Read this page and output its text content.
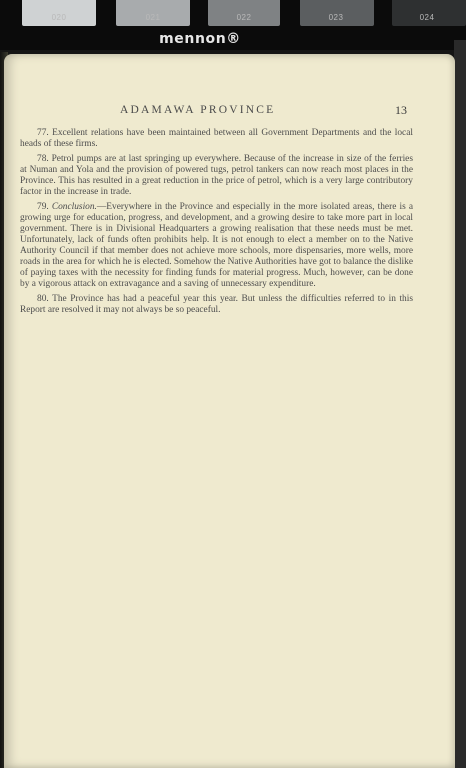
020	021	022	023	024
mennon®
ADAMAWA PROVINCE	13

77. Excellent relations have been maintained between all Government Departments and the local heads of these firms.

78. Petrol pumps are at last springing up everywhere. Because of the increase in size of the ferries at Numan and Yola and the provision of powered tugs, petrol tankers can now reach most places in the Province. This has resulted in a great reduction in the price of petrol, which is a very large contributory factor in the increase in trade.

79. Conclusion.—Everywhere in the Province and especially in the more isolated areas, there is a growing urge for education, progress, and development, and a growing desire to take more part in local government. There is in Divisional Headquarters a growing realisation that these needs must be met. Unfortunately, lack of funds often prohibits help. It is not enough to elect a member on to the Native Authority Council if that member does not achieve more schools, more dispensaries, more wells, more roads in the area for which he is elected. Somehow the Native Authorities have got to balance the dislike of paying taxes with the necessity for finding funds for material progress. Much, however, can be done by a vigorous attack on extravagance and a saving of unnecessary expenditure.

80. The Province has had a peaceful year this year. But unless the difficulties referred to in this Report are resolved it may not always be so peaceful.
